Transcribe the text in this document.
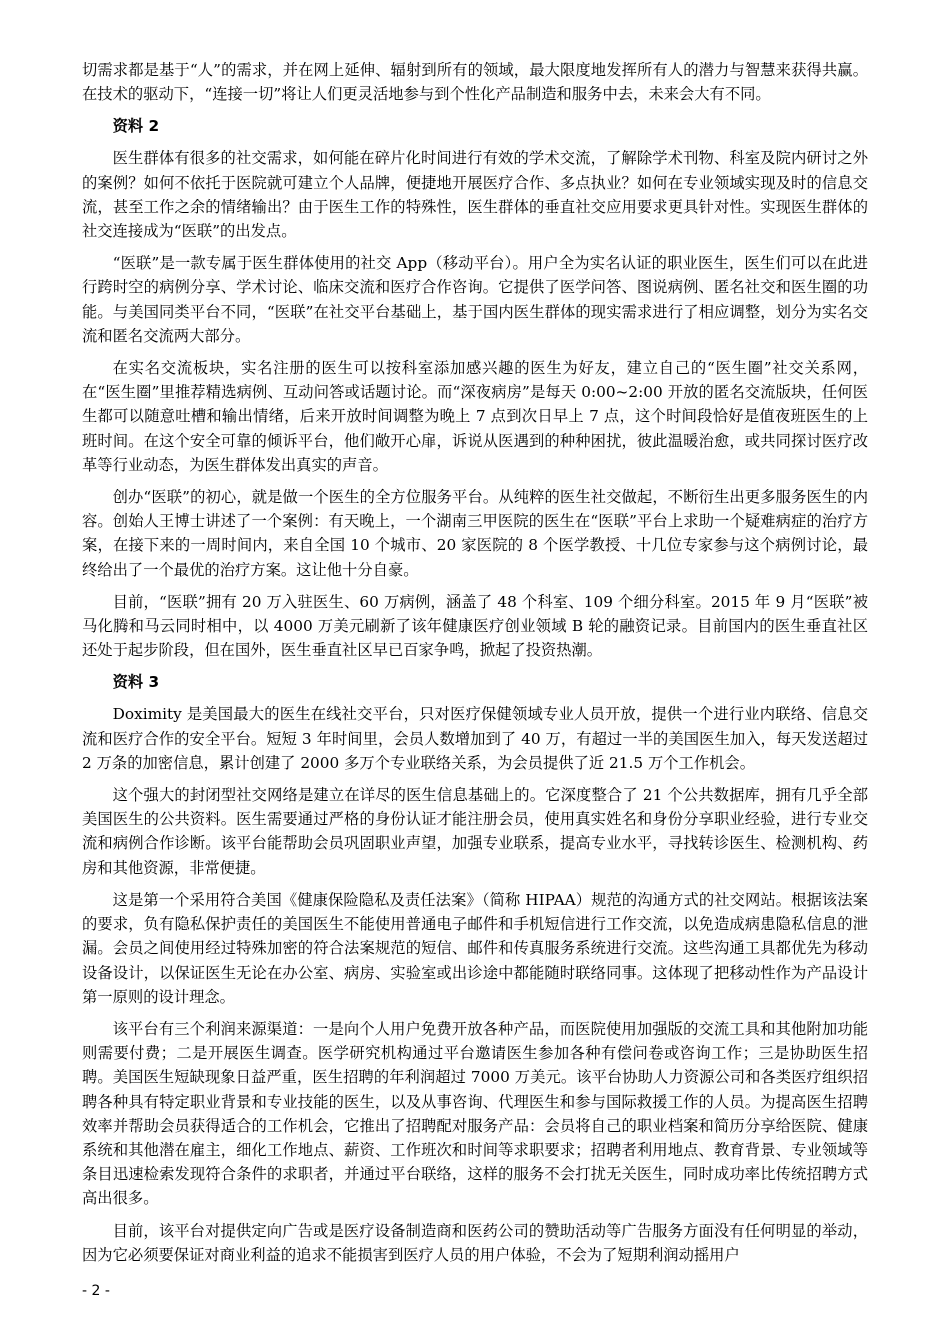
切需求都是基于“人”的需求，并在网上延伸、辐射到所有的领域，最大限度地发挥所有人的潜力与智慧来获得共赢。在技术的驱动下，“连接一切”将让人们更灵活地参与到个性化产品制造和服务中去，未来会大有不同。

资料 2

医生群体有很多的社交需求，如何能在碎片化时间进行有效的学术交流，了解除学术刊物、科室及院内研讨之外的案例？如何不依托于医院就可建立个人品牌，便捷地开展医疗合作、多点执业？如何在专业领域实现及时的信息交流，甚至工作之余的情绪输出？由于医生工作的特殊性，医生群体的垂直社交应用要求更具针对性。实现医生群体的社交连接成为“医联”的出发点。

“医联”是一款专属于医生群体使用的社交 App（移动平台）。用户全为实名认证的职业医生，医生们可以在此进行跨时空的病例分享、学术讨论、临床交流和医疗合作咨询。它提供了医学问答、图说病例、匿名社交和医生圈的功能。与美国同类平台不同，“医联”在社交平台基础上，基于国内医生群体的现实需求进行了相应调整，划分为实名交流和匿名交流两大部分。

在实名交流板块，实名注册的医生可以按科室添加感兴趣的医生为好友，建立自己的“医生圈”社交关系网，在“医生圈”里推荐精选病例、互动问答或话题讨论。而“深夜病房”是每天 0:00~2:00 开放的匿名交流版块，任何医生都可以随意吐槽和输出情绪，后来开放时间调整为晚上 7 点到次日早上 7 点，这个时间段恰好是值夜班医生的上班时间。在这个安全可靠的倾诉平台，他们敞开心扉，诉说从医遇到的种种困扰，彼此温暖治愈，或共同探讨医疗改革等行业动态，为医生群体发出真实的声音。

创办“医联”的初心，就是做一个医生的全方位服务平台。从纯粹的医生社交做起，不断衍生出更多服务医生的内容。创始人王博士讲述了一个案例：有天晚上，一个湖南三甲医院的医生在“医联”平台上求助一个疑难病症的治疗方案，在接下来的一周时间内，来自全国 10 个城市、20 家医院的 8 个医学教授、十几位专家参与这个病例讨论，最终给出了一个最优的治疗方案。这让他十分自豪。

目前，“医联”拥有 20 万入驻医生、60 万病例，涵盖了 48 个科室、109 个细分科室。2015 年 9 月“医联”被马化腾和马云同时相中，以 4000 万美元刷新了该年健康医疗创业领域 B 轮的融资记录。目前国内的医生垂直社区还处于起步阶段，但在国外，医生垂直社区早已百家争鸣，掀起了投资热潮。

资料 3

Doximity 是美国最大的医生在线社交平台，只对医疗保健领域专业人员开放，提供一个进行业内联络、信息交流和医疗合作的安全平台。短短 3 年时间里，会员人数增加到了 40 万，有超过一半的美国医生加入，每天发送超过 2 万条的加密信息，累计创建了 2000 多万个专业联络关系，为会员提供了近 21.5 万个工作机会。

这个强大的封闭型社交网络是建立在详尽的医生信息基础上的。它深度整合了 21 个公共数据库，拥有几乎全部美国医生的公共资料。医生需要通过严格的身份认证才能注册会员，使用真实姓名和身份分享职业经验，进行专业交流和病例合作诊断。该平台能帮助会员巩固职业声望，加强专业联系，提高专业水平，寻找转诊医生、检测机构、药房和其他资源，非常便捷。

这是第一个采用符合美国《健康保险隐私及责任法案》（简称 HIPAA）规范的沟通方式的社交网站。根据该法案的要求，负有隐私保护责任的美国医生不能使用普通电子邮件和手机短信进行工作交流，以免造成病患隐私信息的泄漏。会员之间使用经过特殊加密的符合法案规范的短信、邮件和传真服务系统进行交流。这些沟通工具都优先为移动设备设计，以保证医生无论在办公室、病房、实验室或出诊途中都能随时联络同事。这体现了把移动性作为产品设计第一原则的设计理念。

该平台有三个利润来源渠道：一是向个人用户免费开放各种产品，而医院使用加强版的交流工具和其他附加功能则需要付费；二是开展医生调查。医学研究机构通过平台邀请医生参加各种有偿问卷或咨询工作；三是协助医生招聘。美国医生短缺现象日益严重，医生招聘的年利润超过 7000 万美元。该平台协助人力资源公司和各类医疗组织招聘各种具有特定职业背景和专业技能的医生，以及从事咨询、代理医生和参与国际救援工作的人员。为提高医生招聘效率并帮助会员获得适合的工作机会，它推出了招聘配对服务产品：会员将自己的职业档案和简历分享给医院、健康系统和其他潜在雇主，细化工作地点、薪资、工作班次和时间等求职要求；招聘者利用地点、教育背景、专业领域等条目迅速检索发现符合条件的求职者，并通过平台联络，这样的服务不会打扰无关医生，同时成功率比传统招聘方式高出很多。

目前，该平台对提供定向广告或是医疗设备制造商和医药公司的赞助活动等广告服务方面没有任何明显的举动，因为它必须要保证对商业利益的追求不能损害到医疗人员的用户体验，不会为了短期利润动摇用户

- 2 -
